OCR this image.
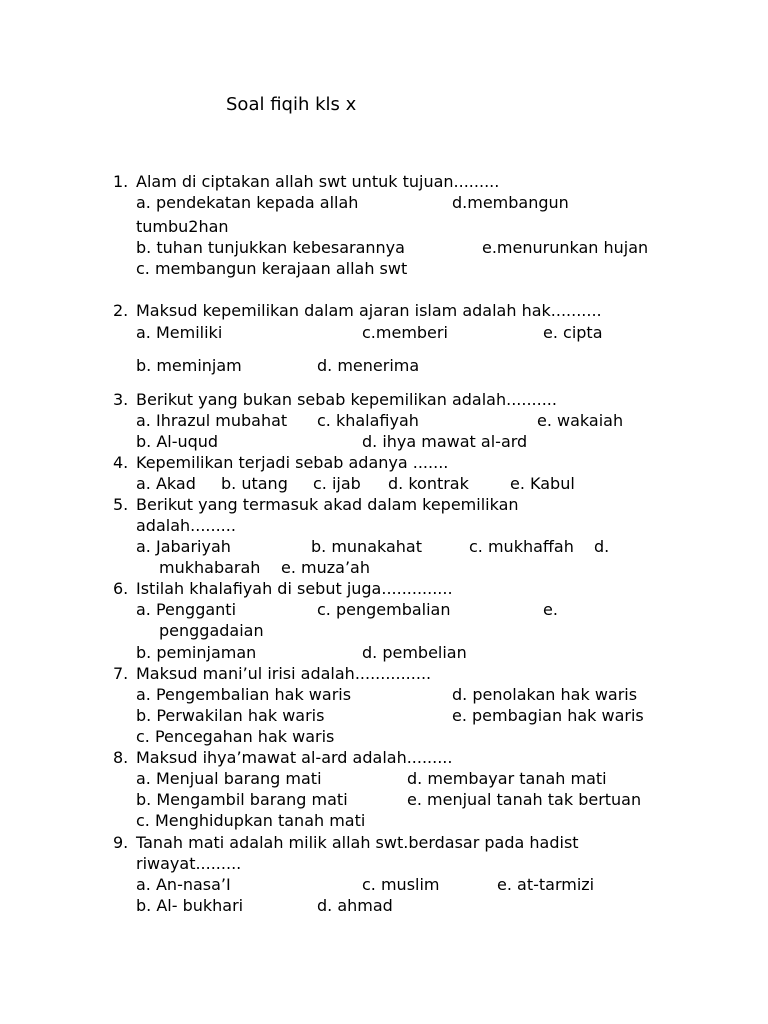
Soal fiqih kls x
1. Alam di ciptakan allah swt untuk tujuan.........
a. pendekatan kepada allah	d.membangun
tumbu2han
b. tuhan tunjukkan kebesarannya	e.menurunkan hujan
c. membangun kerajaan allah swt
2. Maksud kepemilikan dalam ajaran islam adalah hak..........
a. Memiliki	c.memberi	e. cipta
b. meminjam	d. menerima
3. Berikut yang bukan sebab kepemilikan adalah..........
a. Ihrazul mubahat c. khalafiyah	e. wakaiah
b. Al-uqud	d. ihya mawat al-ard
4. Kepemilikan terjadi sebab adanya .......
a. Akad b. utang c. ijab d. kontrak	e. Kabul
5. Berikut yang termasuk akad dalam kepemilikan
adalah.........
a. Jabariyah	b. munakahat	c. mukhaffah d.
mukhabarah e. muza’ah
6. Istilah khalafiyah di sebut juga..............
a. Pengganti	c. pengembalian	e.
penggadaian
b. peminjaman	d. pembelian
7. Maksud mani’ul irisi adalah...............
a. Pengembalian hak waris	d. penolakan hak waris
b. Perwakilan hak waris	e. pembagian hak waris
c. Pencegahan hak waris
8. Maksud ihya’mawat al-ard adalah.........
a. Menjual barang mati	d. membayar tanah mati
b. Mengambil barang mati	e. menjual tanah tak bertuan
c. Menghidupkan tanah mati
9. Tanah mati adalah milik allah swt.berdasar pada hadist
riwayat.........
a. An-nasa’I	c. muslim	e. at-tarmizi
b. Al- bukhari	d. ahmad
